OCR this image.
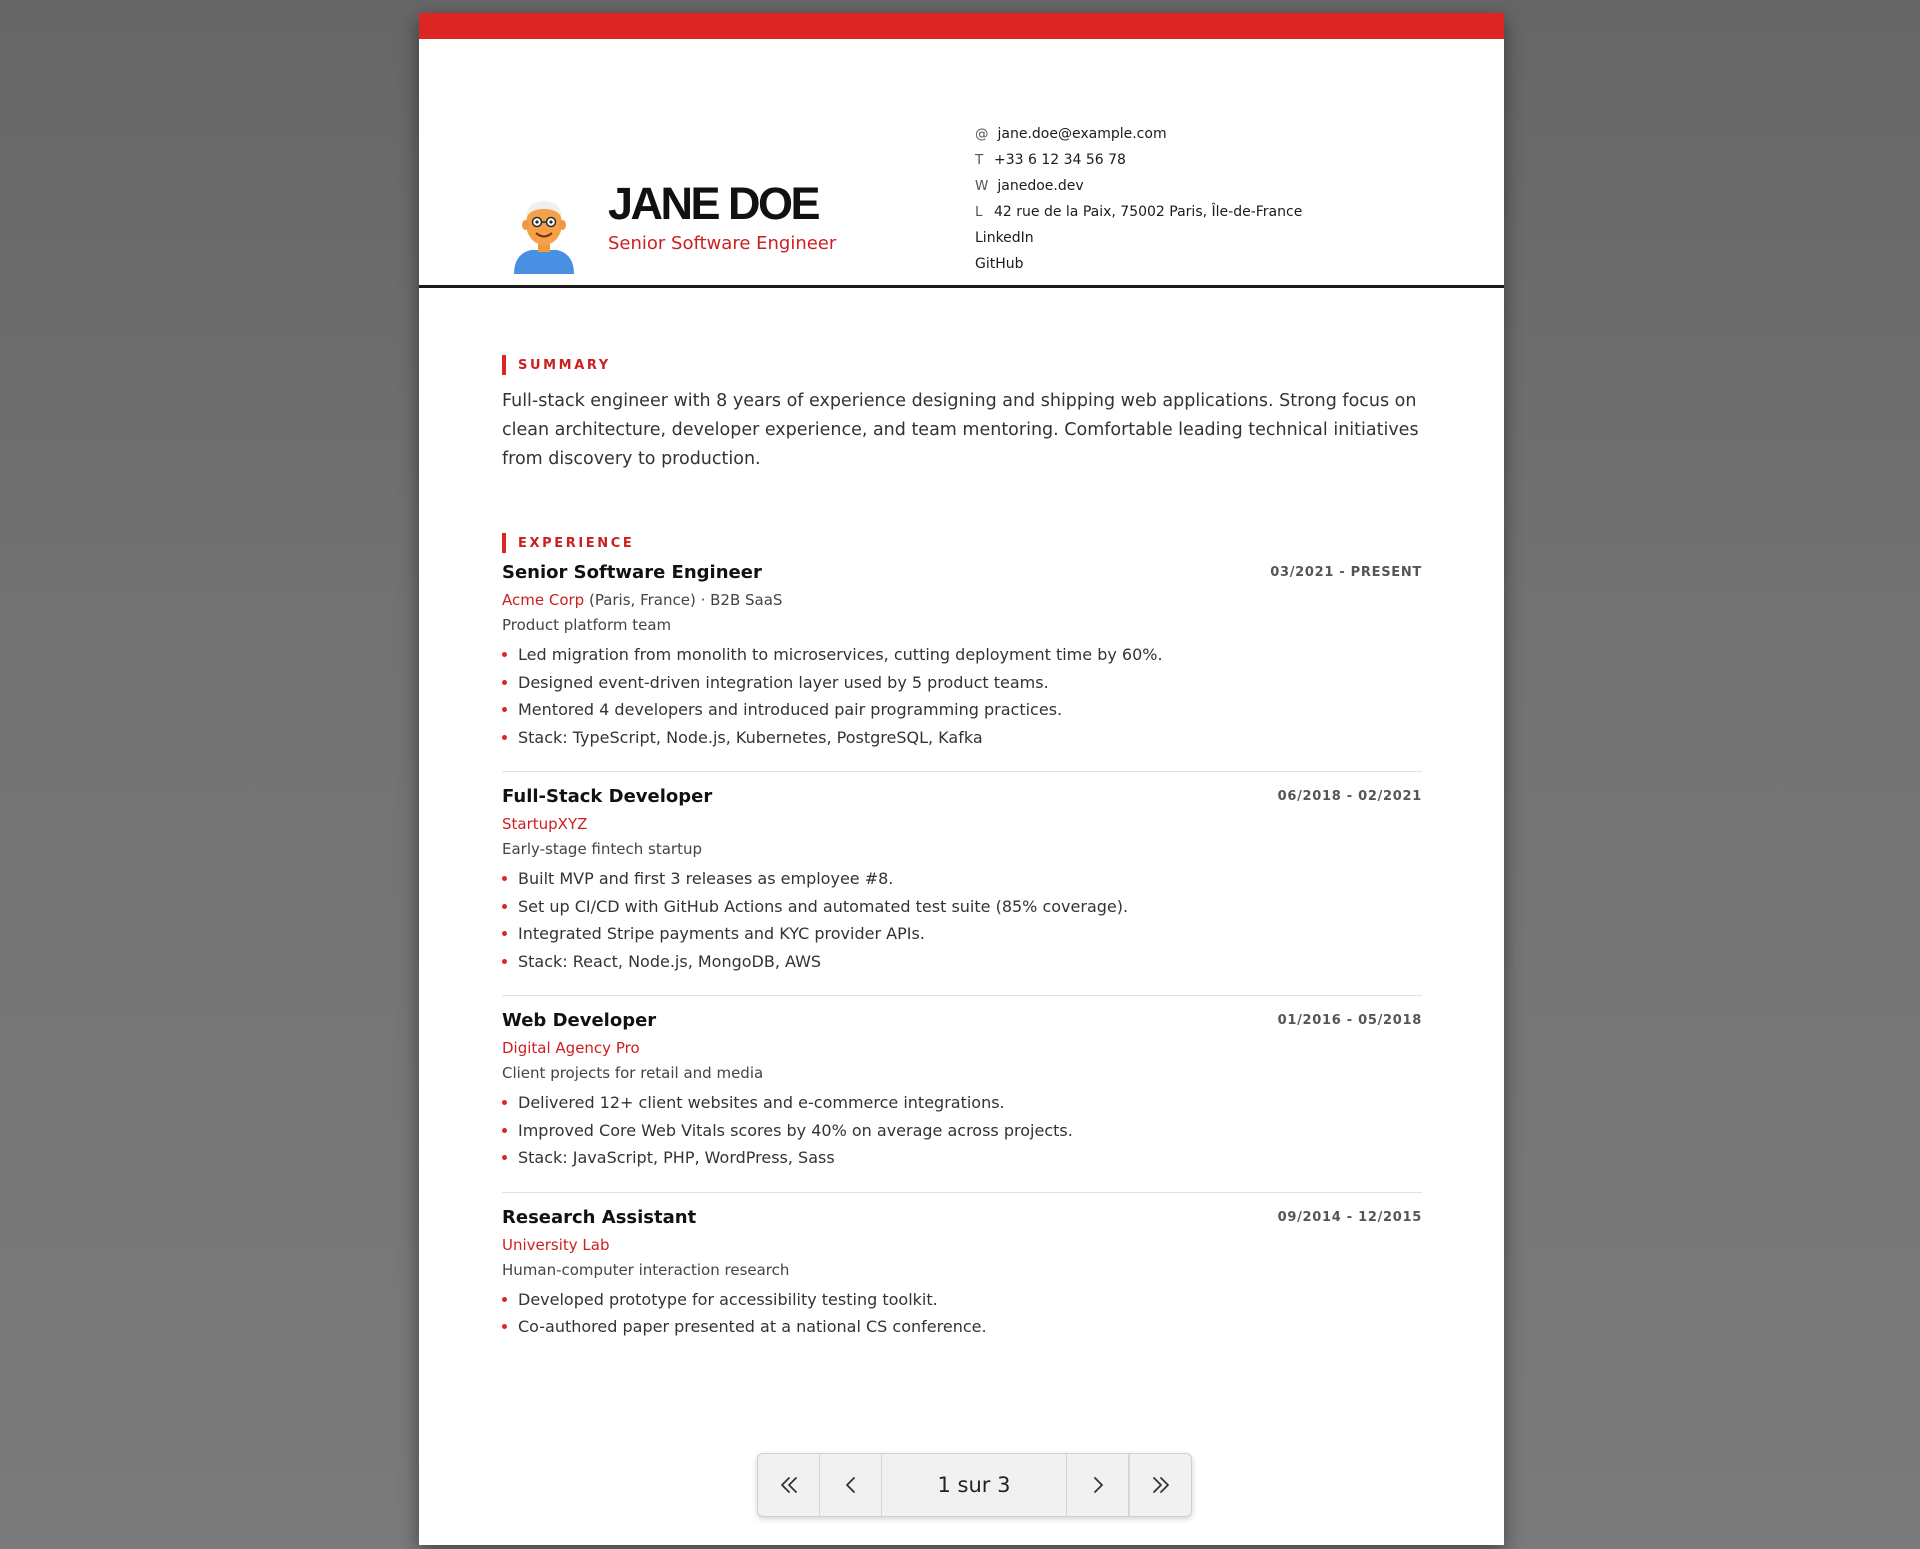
JANE DOE
Senior Software Engineer
@ jane.doe@example.com
T +33 6 12 34 56 78
W janedoe.dev
L 42 rue de la Paix, 75002 Paris, Île-de-France
LinkedIn
GitHub
SUMMARY
Full-stack engineer with 8 years of experience designing and shipping web applications. Strong focus on clean architecture, developer experience, and team mentoring. Comfortable leading technical initiatives from discovery to production.
EXPERIENCE
Senior Software Engineer	03/2021 - PRESENT
Acme Corp (Paris, France) · B2B SaaS
Product platform team
Led migration from monolith to microservices, cutting deployment time by 60%.
Designed event-driven integration layer used by 5 product teams.
Mentored 4 developers and introduced pair programming practices.
Stack: TypeScript, Node.js, Kubernetes, PostgreSQL, Kafka
Full-Stack Developer	06/2018 - 02/2021
StartupXYZ
Early-stage fintech startup
Built MVP and first 3 releases as employee #8.
Set up CI/CD with GitHub Actions and automated test suite (85% coverage).
Integrated Stripe payments and KYC provider APIs.
Stack: React, Node.js, MongoDB, AWS
Web Developer	01/2016 - 05/2018
Digital Agency Pro
Client projects for retail and media
Delivered 12+ client websites and e-commerce integrations.
Improved Core Web Vitals scores by 40% on average across projects.
Stack: JavaScript, PHP, WordPress, Sass
Research Assistant	09/2014 - 12/2015
University Lab
Human-computer interaction research
Developed prototype for accessibility testing toolkit.
Co-authored paper presented at a national CS conference.
1 sur 3
